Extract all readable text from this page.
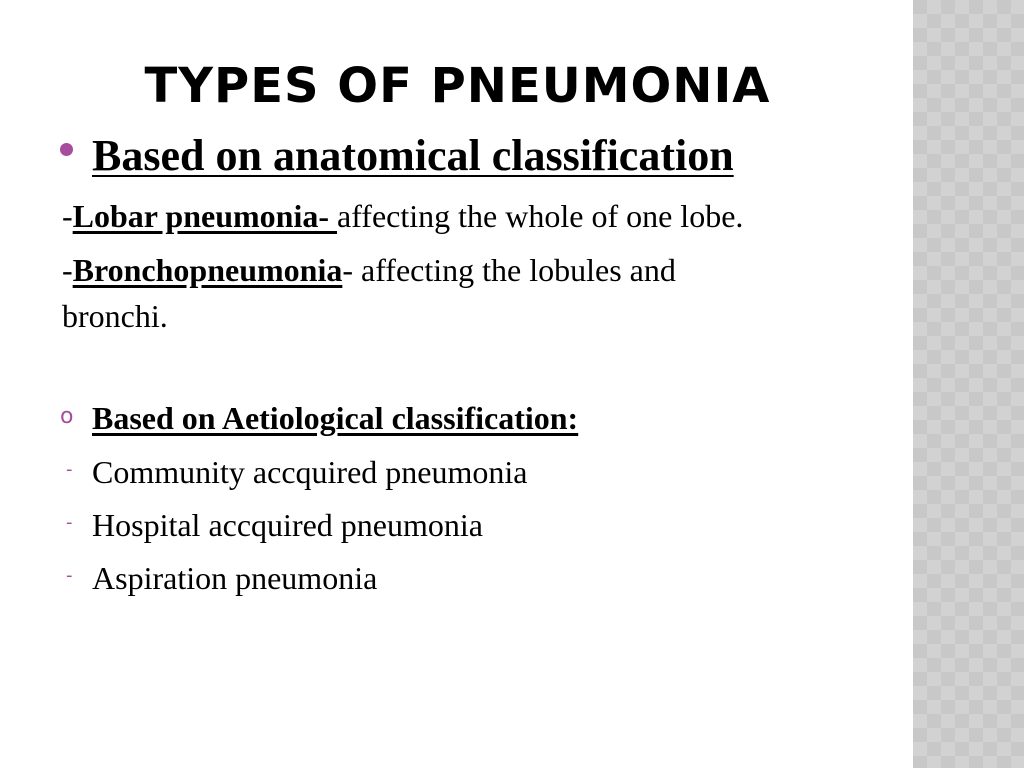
TYPES OF PNEUMONIA
Based on anatomical classification
-Lobar pneumonia- affecting the whole of one lobe.
-Bronchopneumonia- affecting the lobules and
bronchi.
o Based on Aetiological classification:
- Community accquired pneumonia
- Hospital accquired pneumonia
- Aspiration pneumonia
